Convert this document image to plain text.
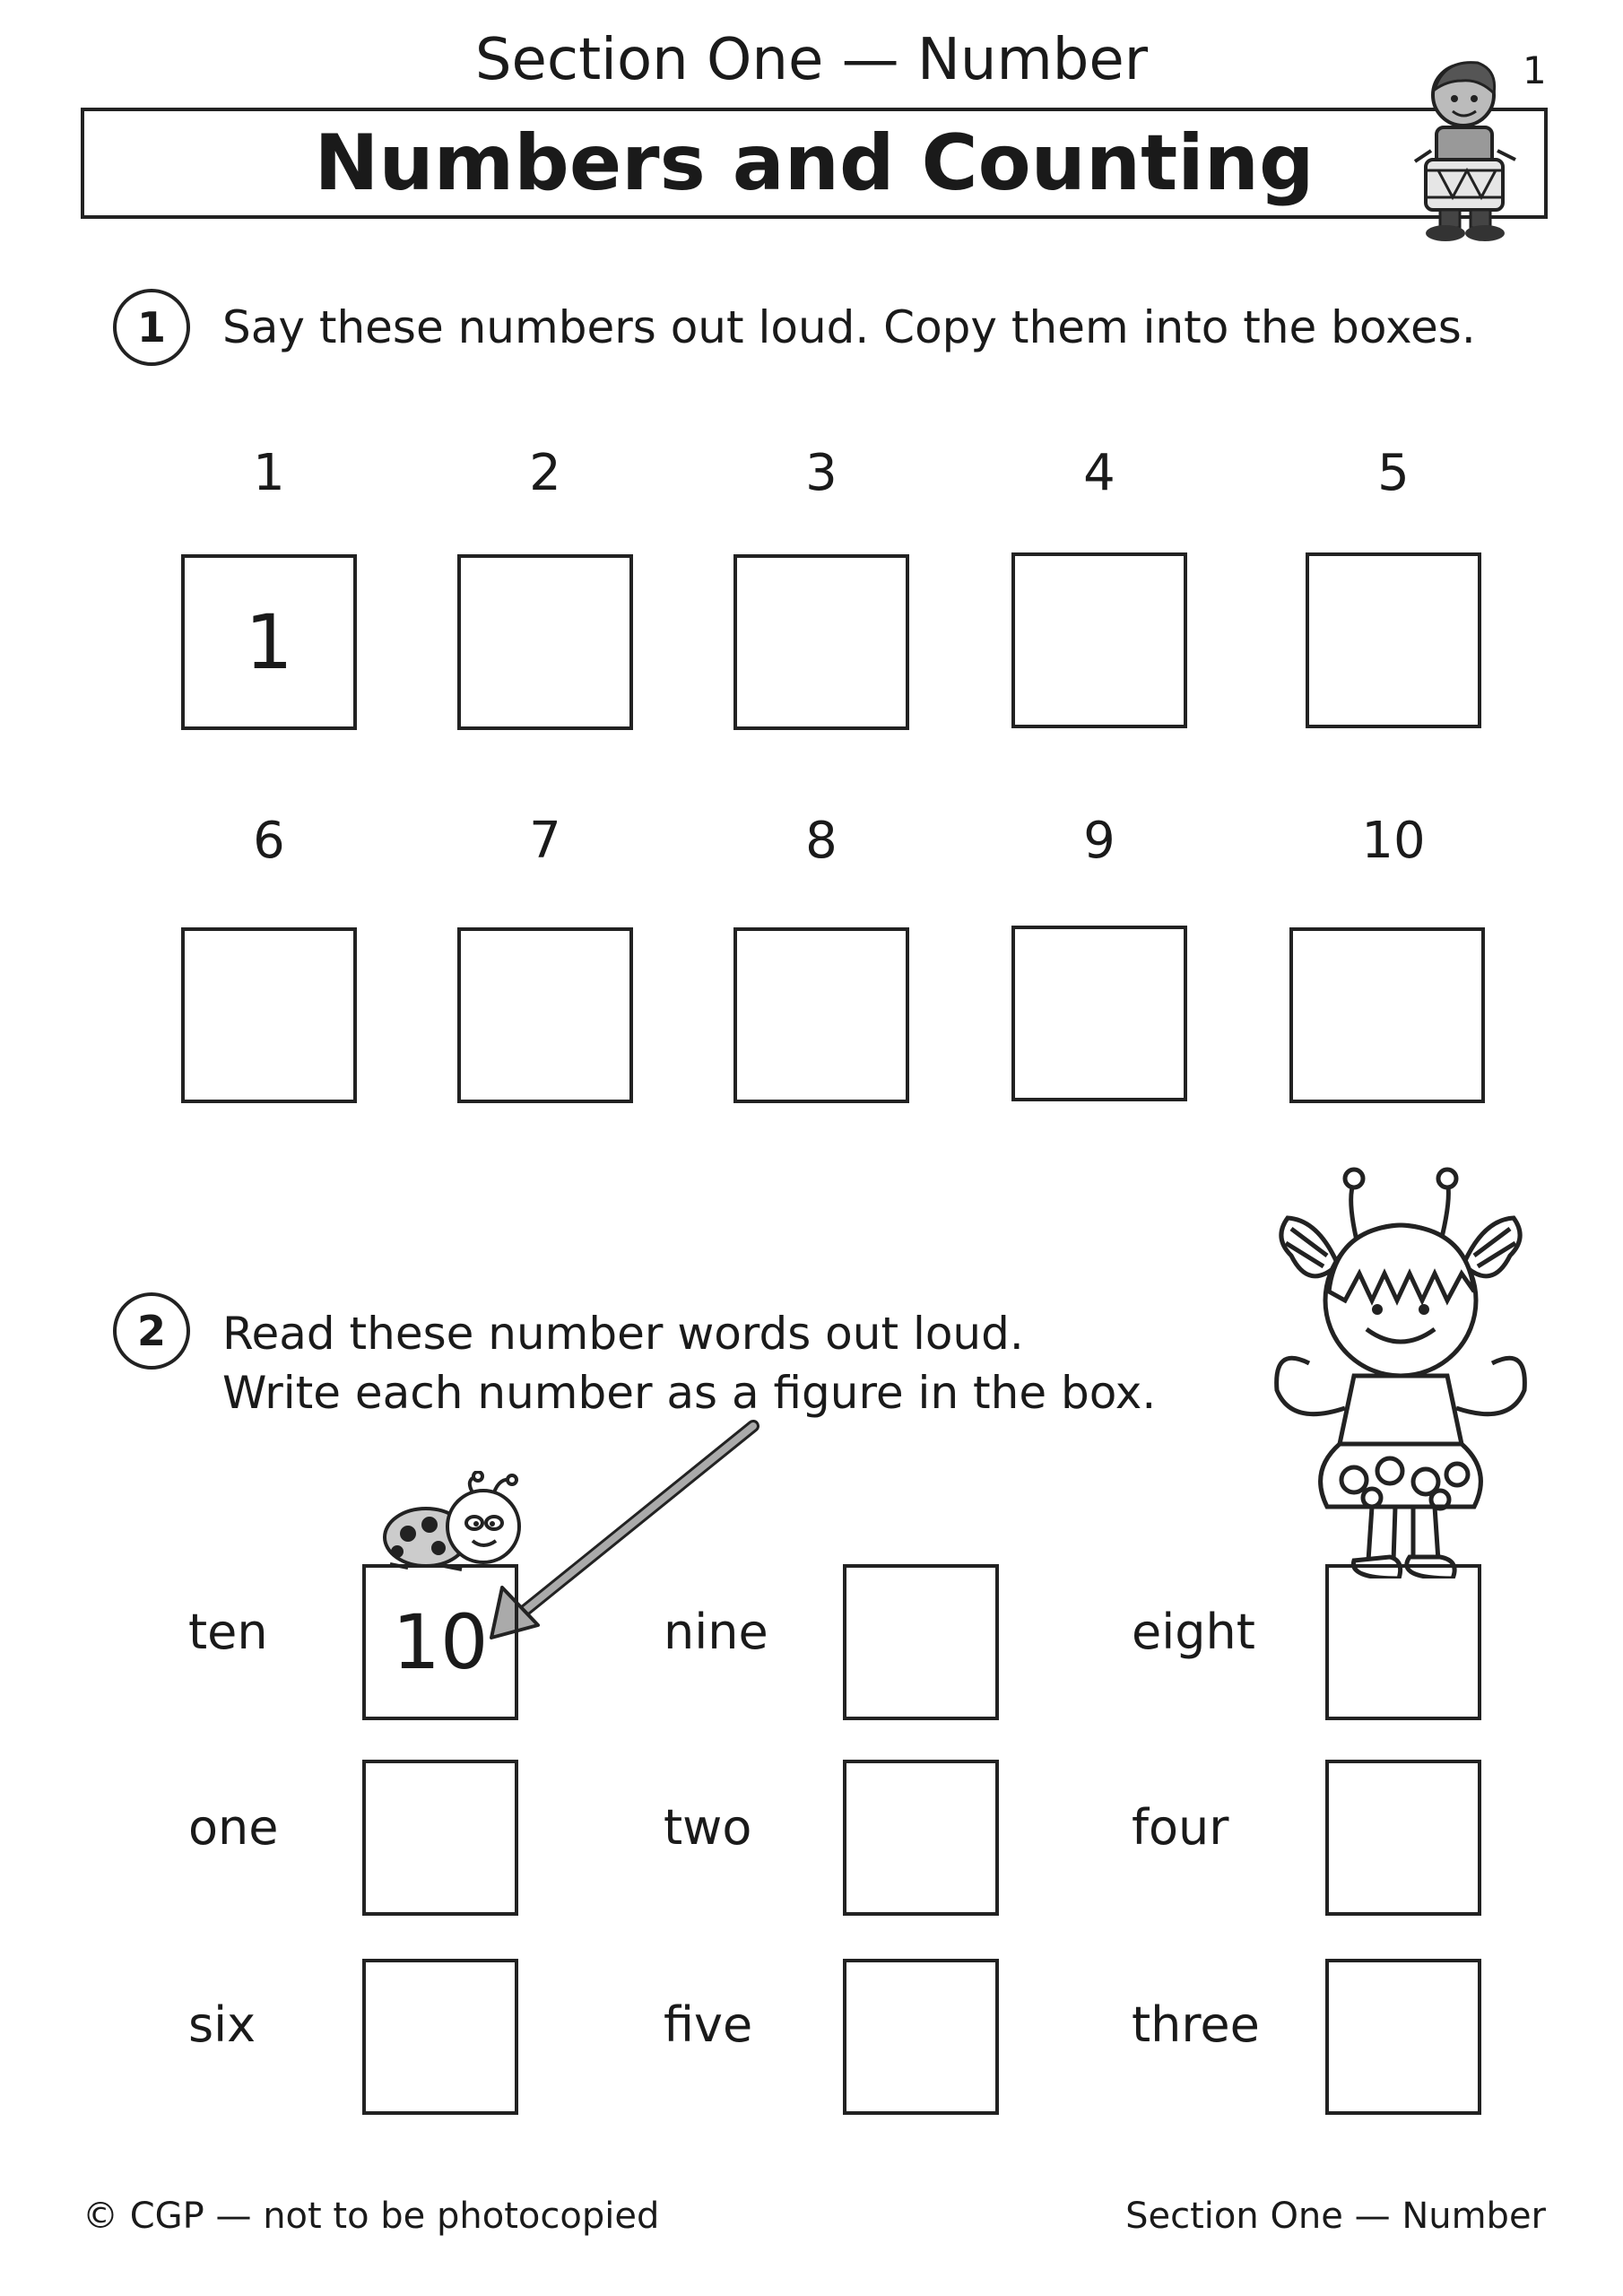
Section One — Number	1
Numbers and Counting
1	Say these numbers out loud. Copy them into the boxes.
1	2	3	4	5
1
6	7	8	9	10
2	Read these number words out loud.
Write each number as a figure in the box.
ten	10	nine	eight
one	two	four
six	five	three
© CGP — not to be photocopied	Section One — Number
